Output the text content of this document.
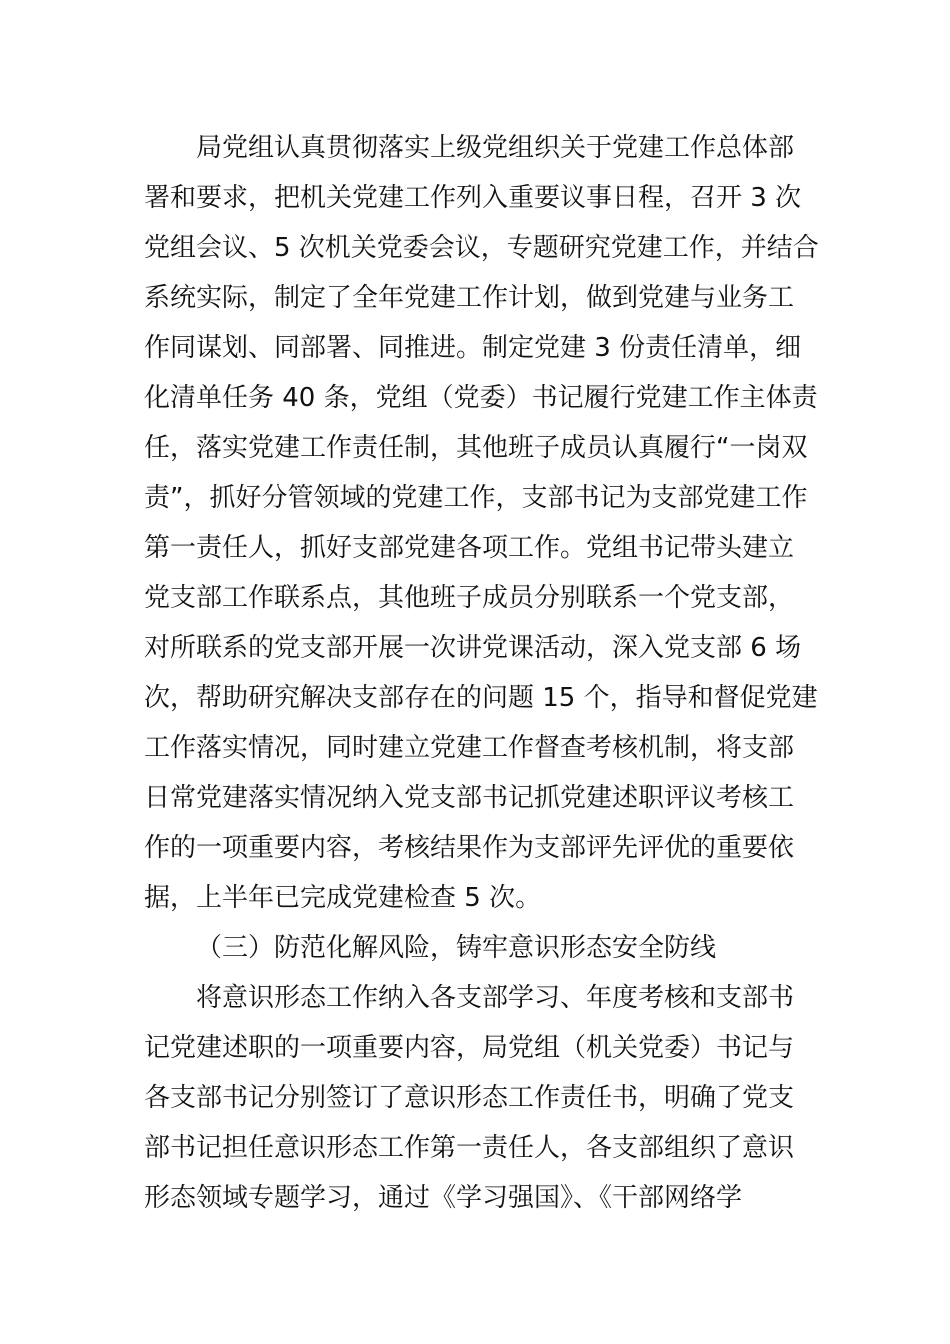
局党组认真贯彻落实上级党组织关于党建工作总体部
署和要求，把机关党建工作列入重要议事日程，召开 3 次
党组会议、5 次机关党委会议，专题研究党建工作，并结合
系统实际，制定了全年党建工作计划，做到党建与业务工
作同谋划、同部署、同推进。制定党建 3 份责任清单，细
化清单任务 40 条，党组（党委）书记履行党建工作主体责
任，落实党建工作责任制，其他班子成员认真履行“一岗双
责”，抓好分管领域的党建工作，支部书记为支部党建工作
第一责任人，抓好支部党建各项工作。党组书记带头建立
党支部工作联系点，其他班子成员分别联系一个党支部，
对所联系的党支部开展一次讲党课活动，深入党支部 6 场
次，帮助研究解决支部存在的问题 15 个，指导和督促党建
工作落实情况，同时建立党建工作督查考核机制，将支部
日常党建落实情况纳入党支部书记抓党建述职评议考核工
作的一项重要内容，考核结果作为支部评先评优的重要依
据，上半年已完成党建检查 5 次。
（三）防范化解风险，铸牢意识形态安全防线
将意识形态工作纳入各支部学习、年度考核和支部书
记党建述职的一项重要内容，局党组（机关党委）书记与
各支部书记分别签订了意识形态工作责任书，明确了党支
部书记担任意识形态工作第一责任人，各支部组织了意识
形态领域专题学习，通过《学习强国》、《干部网络学
